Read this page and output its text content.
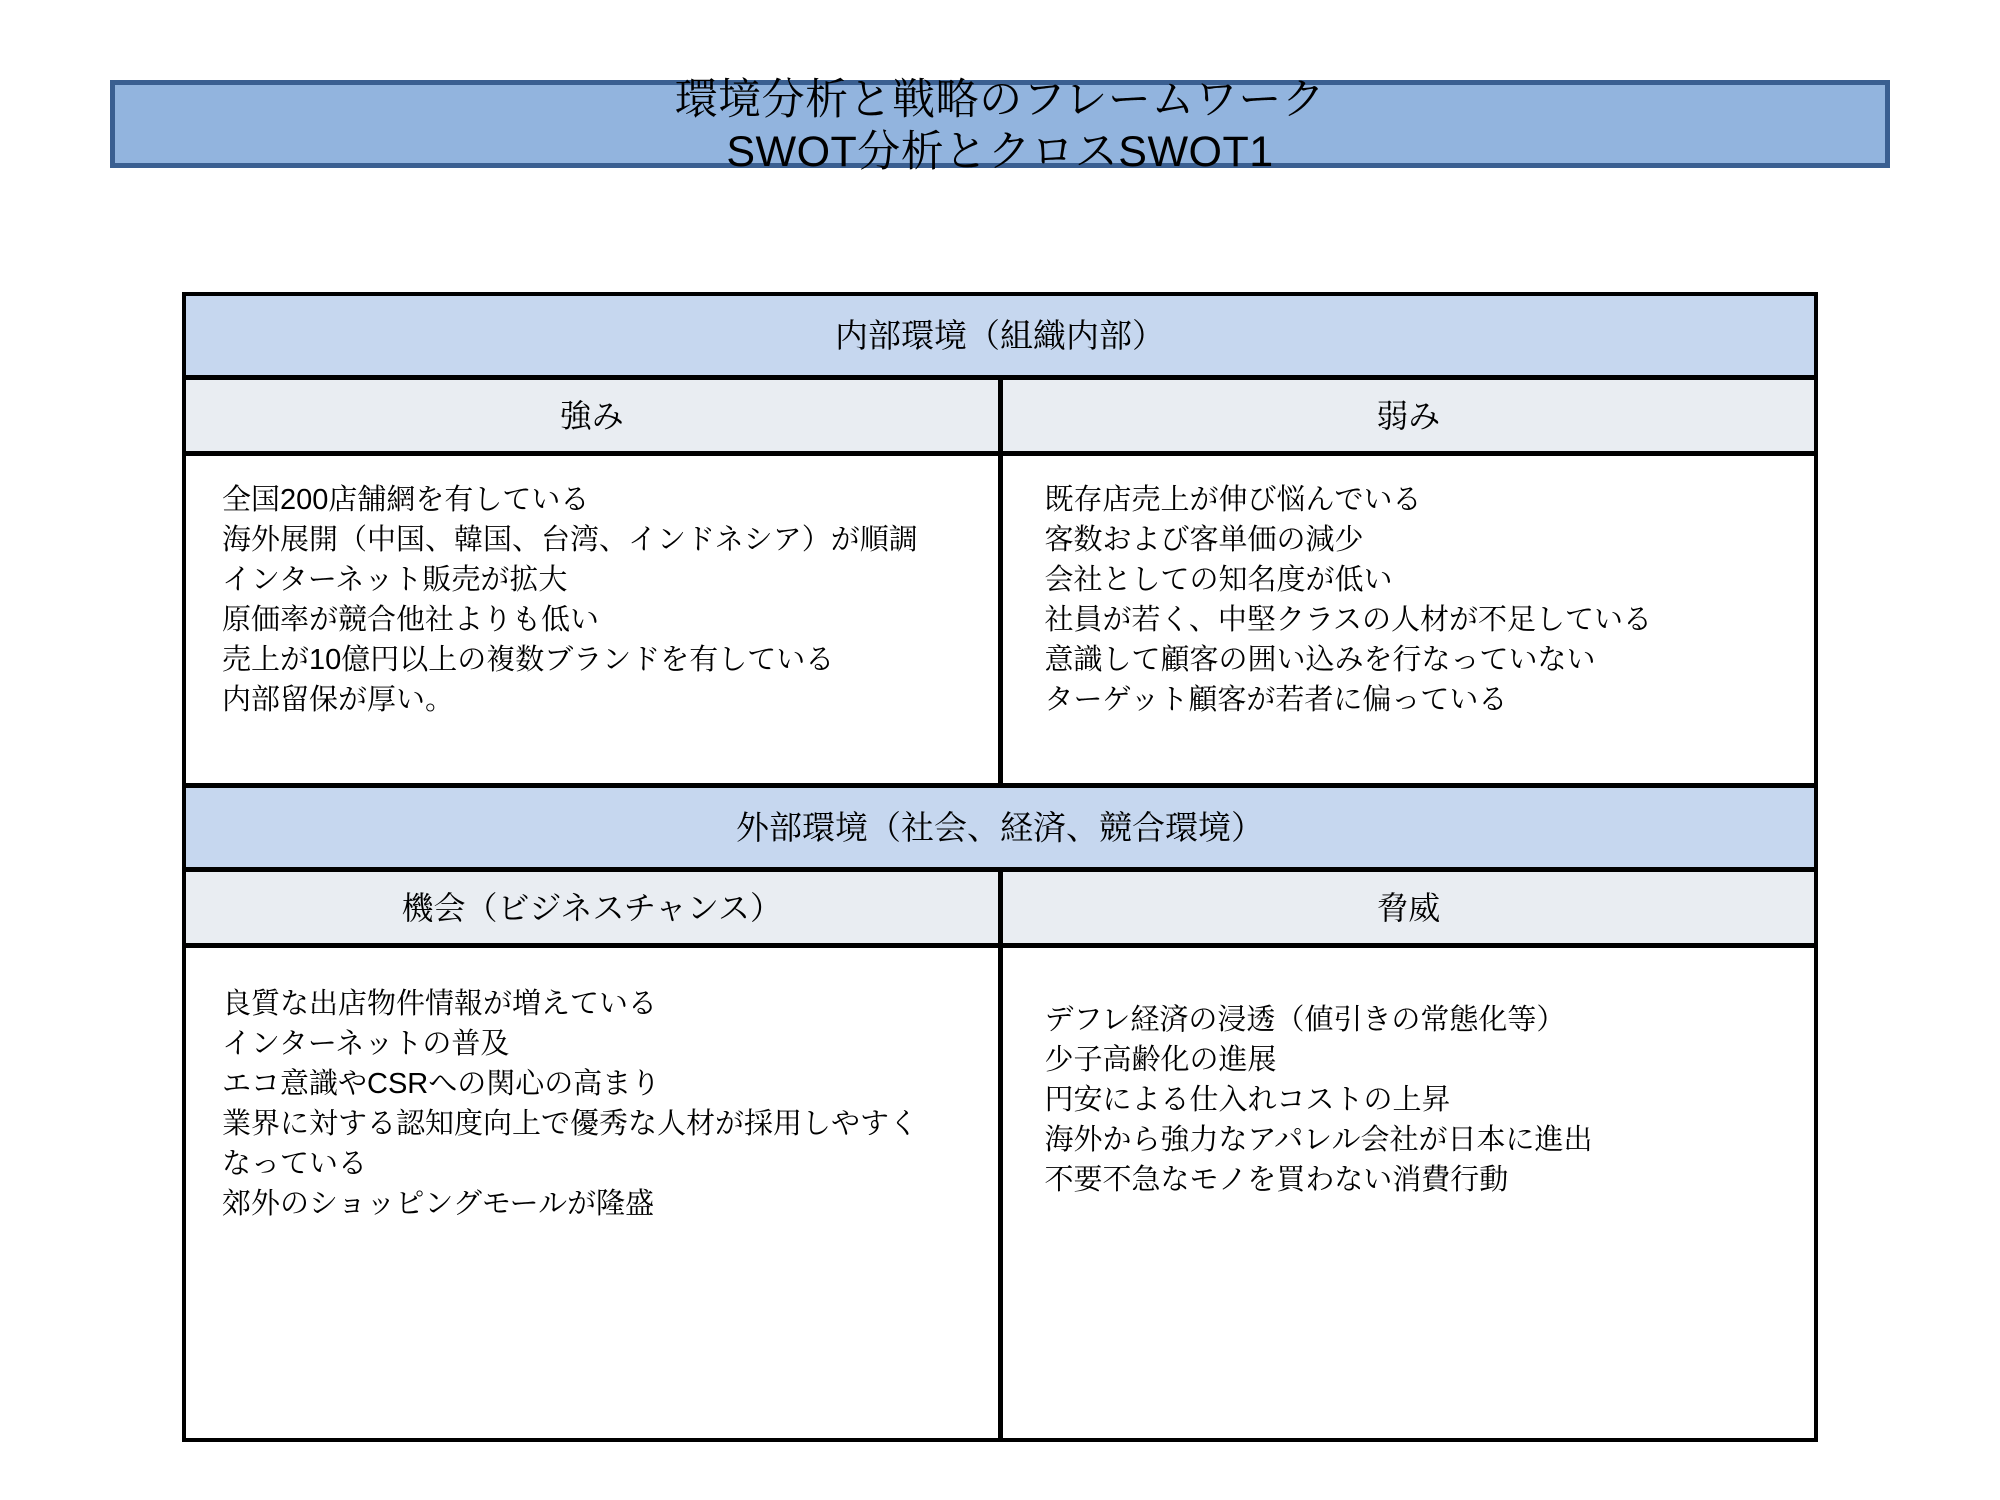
環境分析と戦略のフレームワーク
SWOT分析とクロスSWOT1
内部環境（組織内部）
強み	弱み
全国200店舗網を有している
海外展開（中国、韓国、台湾、インドネシア）が順調
インターネット販売が拡大
原価率が競合他社よりも低い
売上が10億円以上の複数ブランドを有している
内部留保が厚い。
既存店売上が伸び悩んでいる
客数および客単価の減少
会社としての知名度が低い
社員が若く、中堅クラスの人材が不足している
意識して顧客の囲い込みを行なっていない
ターゲット顧客が若者に偏っている
外部環境（社会、経済、競合環境）
機会（ビジネスチャンス）	脅威
良質な出店物件情報が増えている
インターネットの普及
エコ意識やCSRへの関心の高まり
業界に対する認知度向上で優秀な人材が採用しやすく
なっている
郊外のショッピングモールが隆盛
デフレ経済の浸透（値引きの常態化等）
少子高齢化の進展
円安による仕入れコストの上昇
海外から強力なアパレル会社が日本に進出
不要不急なモノを買わない消費行動
